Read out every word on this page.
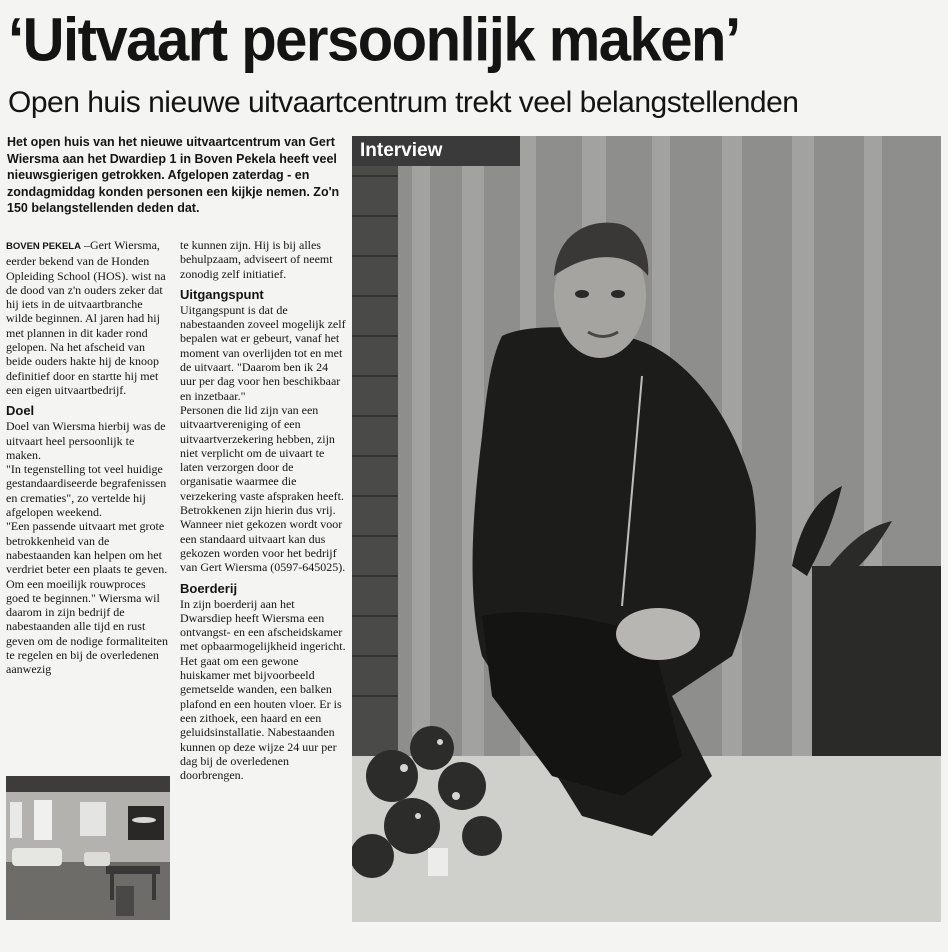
‘Uitvaart persoonlijk maken’
Open huis nieuwe uitvaartcentrum trekt veel belangstellenden
Het open huis van het nieuwe uitvaartcentrum van Gert Wiersma aan het Dwardiep 1 in Boven Pekela heeft veel nieuwsgierigen getrokken. Afgelopen zaterdag - en zondagmiddag konden personen een kijkje nemen. Zo'n 150 belangstellenden deden dat.

BOVEN PEKELA –Gert Wiersma, eerder bekend van de Honden Opleiding School (HOS). wist na de dood van z'n ouders zeker dat hij iets in de uitvaartbranche wilde beginnen. Al jaren had hij met plannen in dit kader rond gelopen. Na het afscheid van beide ouders hakte hij de knoop definitief door en startte hij met een eigen uitvaartbedrijf.

Doel

Doel van Wiersma hierbij was de uitvaart heel persoonlijk te maken.

"In tegenstelling tot veel huidige gestandaardiseerde begrafenissen en crematies", zo vertelde hij afgelopen weekend.

"Een passende uitvaart met grote betrokkenheid van de nabestaanden kan helpen om het verdriet beter een plaats te geven. Om een moeilijk rouwproces goed te beginnen." Wiersma wil daarom in zijn bedrijf de nabestaanden alle tijd en rust geven om de nodige formaliteiten te regelen en bij de overledenen aanwezig

te kunnen zijn. Hij is bij alles behulpzaam, adviseert of neemt zonodig zelf initiatief.

Uitgangspunt

Uitgangspunt is dat de nabestaanden zoveel mogelijk zelf bepalen wat er gebeurt, vanaf het moment van overlijden tot en met de uitvaart. "Daarom ben ik 24 uur per dag voor hen beschikbaar en inzetbaar."

Personen die lid zijn van een uitvaartvereniging of een uitvaartverzekering hebben, zijn niet verplicht om de uivaart te laten verzorgen door de organisatie waarmee die verzekering vaste afspraken heeft. Betrokkenen zijn hierin dus vrij. Wanneer niet gekozen wordt voor een standaard uitvaart kan dus gekozen worden voor het bedrijf van Gert Wiersma (0597-645025).

Boerderij

In zijn boerderij aan het Dwarsdiep heeft Wiersma een ontvangst- en een afscheidskamer met opbaarmogelijkheid ingericht. Het gaat om een gewone huiskamer met bijvoorbeeld gemetselde wanden, een balken plafond en een houten vloer. Er is een zithoek, een haard en een geluidsinstallatie. Nabestaanden kunnen op deze wijze 24 uur per dag bij de overledenen doorbrengen.

Interview
